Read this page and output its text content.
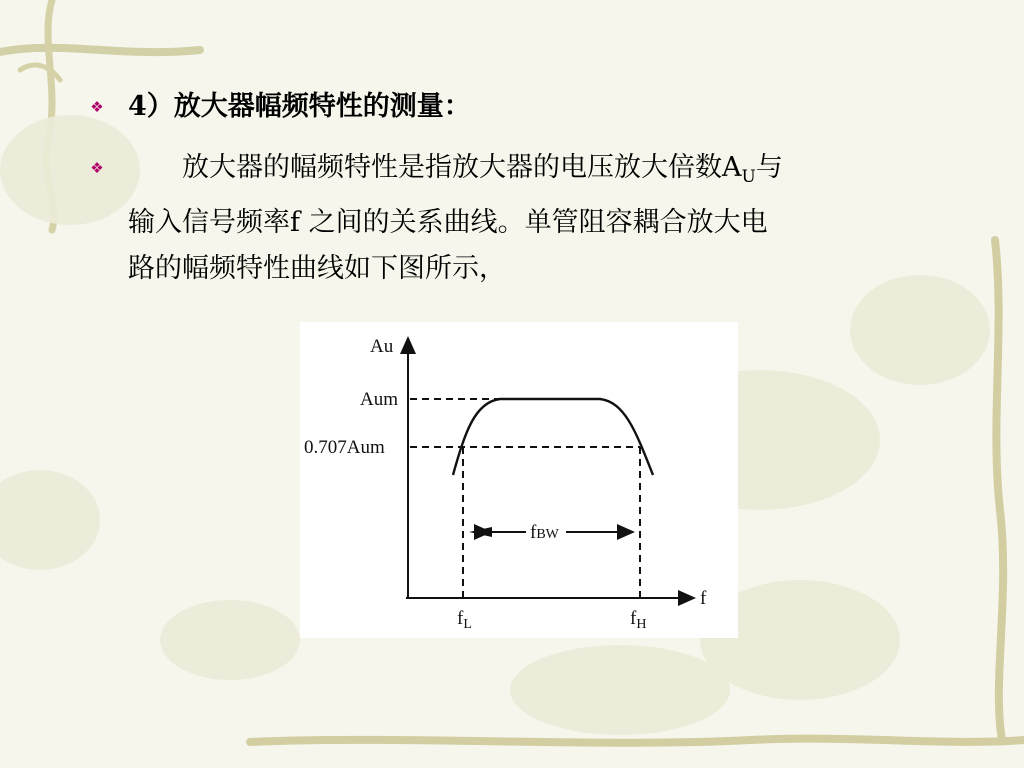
❖ 4）放大器幅频特性的测量：
❖
　　	放大器的幅频特性是指放大器的电压放大倍数$A_U$与
输入信号频率f 之间的关系曲线。单管阻容耦合放大电
路的幅频特性曲线如下图所示，
Au
Aum
0.707Aum
f
fBW
fL	fH
